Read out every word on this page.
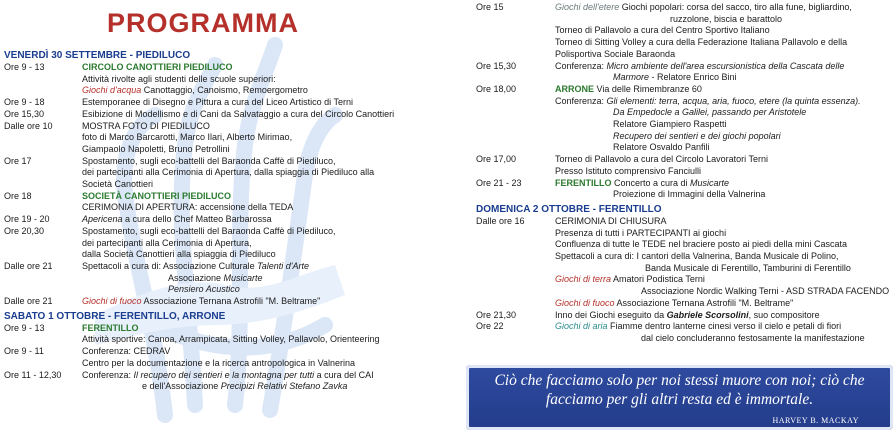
PROGRAMMA
VENERDÌ 30 SETTEMBRE - PIEDILUCO
Ore 9 - 13	CIRCOLO CANOTTIERI PIEDILUCO
Attività rivolte agli studenti delle scuole superiori:
Giochi d'acqua Canottaggio, Canoismo, Remoergometro
Ore 9 - 18	Estemporanee di Disegno e Pittura a cura del Liceo Artistico di Terni
Ore 15,30	Esibizione di Modellismo e di Cani da Salvataggio a cura del Circolo Canottieri
Dalle ore 10	MOSTRA FOTO DI PIEDILUCO
foto di Marco Barcarotti, Marco Ilari, Alberto Mirimao,
Giampaolo Napoletti, Bruno Petrollini
Ore 17	Spostamento, sugli eco-battelli del Baraonda Caffè di Piediluco,
dei partecipanti alla Cerimonia di Apertura, dalla spiaggia di Piediluco alla
Società Canottieri
Ore 18	SOCIETÀ CANOTTIERI PIEDILUCO
CERIMONIA DI APERTURA: accensione della TEDA
Ore 19 - 20	Apericena a cura dello Chef Matteo Barbarossa
Ore 20,30	Spostamento, sugli eco-battelli del Baraonda Caffè di Piediluco,
dei partecipanti alla Cerimonia di Apertura,
dalla Società Canottieri alla spiaggia di Piediluco
Dalle ore 21	Spettacoli a cura di: Associazione Culturale Talenti d'Arte
Associazione Musicarte
Pensiero Acustico
Dalle ore 21	Giochi di fuoco Associazione Ternana Astrofili "M. Beltrame"
SABATO 1 OTTOBRE - FERENTILLO, ARRONE
Ore 9 - 13	FERENTILLO
Attività sportive: Canoa, Arrampicata, Sitting Volley, Pallavolo, Orienteering
Ore 9 - 11	Conferenza: CEDRAV
Centro per la documentazione e la ricerca antropologica in Valnerina
Ore 11 - 12,30	Conferenza: Il recupero dei sentieri e la montagna per tutti a cura del CAI
e dell'Associazione Precipizi Relativi Stefano Zavka
Ore 15	Giochi dell'etere Giochi popolari: corsa del sacco, tiro alla fune, bigliardino,
ruzzolone, biscia e barattolo
Torneo di Pallavolo a cura del Centro Sportivo Italiano
Torneo di Sitting Volley a cura della Federazione Italiana Pallavolo e della
Polisportiva Sociale Baraonda
Ore 15,30	Conferenza: Micro ambiente dell'area escursionistica della Cascata delle
Marmore - Relatore Enrico Bini
Ore 18,00	ARRONE Via delle Rimembranze 60
Conferenza: Gli elementi: terra, acqua, aria, fuoco, etere (la quinta essenza).
Da Empedocle a Galilei, passando per Aristotele
Relatore Giampiero Raspetti
Recupero dei sentieri e dei giochi popolari
Relatore Osvaldo Panfili
Ore 17,00	Torneo di Pallavolo a cura del Circolo Lavoratori Terni
Presso Istituto comprensivo Fanciulli
Ore 21 - 23	FERENTILLO Concerto a cura di Musicarte
Proiezione di Immagini della Valnerina
DOMENICA 2 OTTOBRE - FERENTILLO
Dalle ore 16	CERIMONIA DI CHIUSURA
Presenza di tutti i PARTECIPANTI ai giochi
Confluenza di tutte le TEDE nel braciere posto ai piedi della mini Cascata
Spettacoli a cura di: I cantori della Valnerina, Banda Musicale di Polino,
Banda Musicale di Ferentillo, Tamburini di Ferentillo
Giochi di terra Amatori Podistica Terni
Associazione Nordic Walking Terni - ASD STRADA FACENDO
Giochi di fuoco Associazione Ternana Astrofili "M. Beltrame"
Ore 21,30	Inno dei Giochi eseguito da Gabriele Scorsolini, suo compositore
Ore 22	Giochi di aria Fiamme dentro lanterne cinesi verso il cielo e petali di fiori
dal cielo concluderanno festosamente la manifestazione
Ciò che facciamo solo per noi stessi muore con noi; ciò che
facciamo per gli altri resta ed è immortale.
HARVEY B. MACKAY
